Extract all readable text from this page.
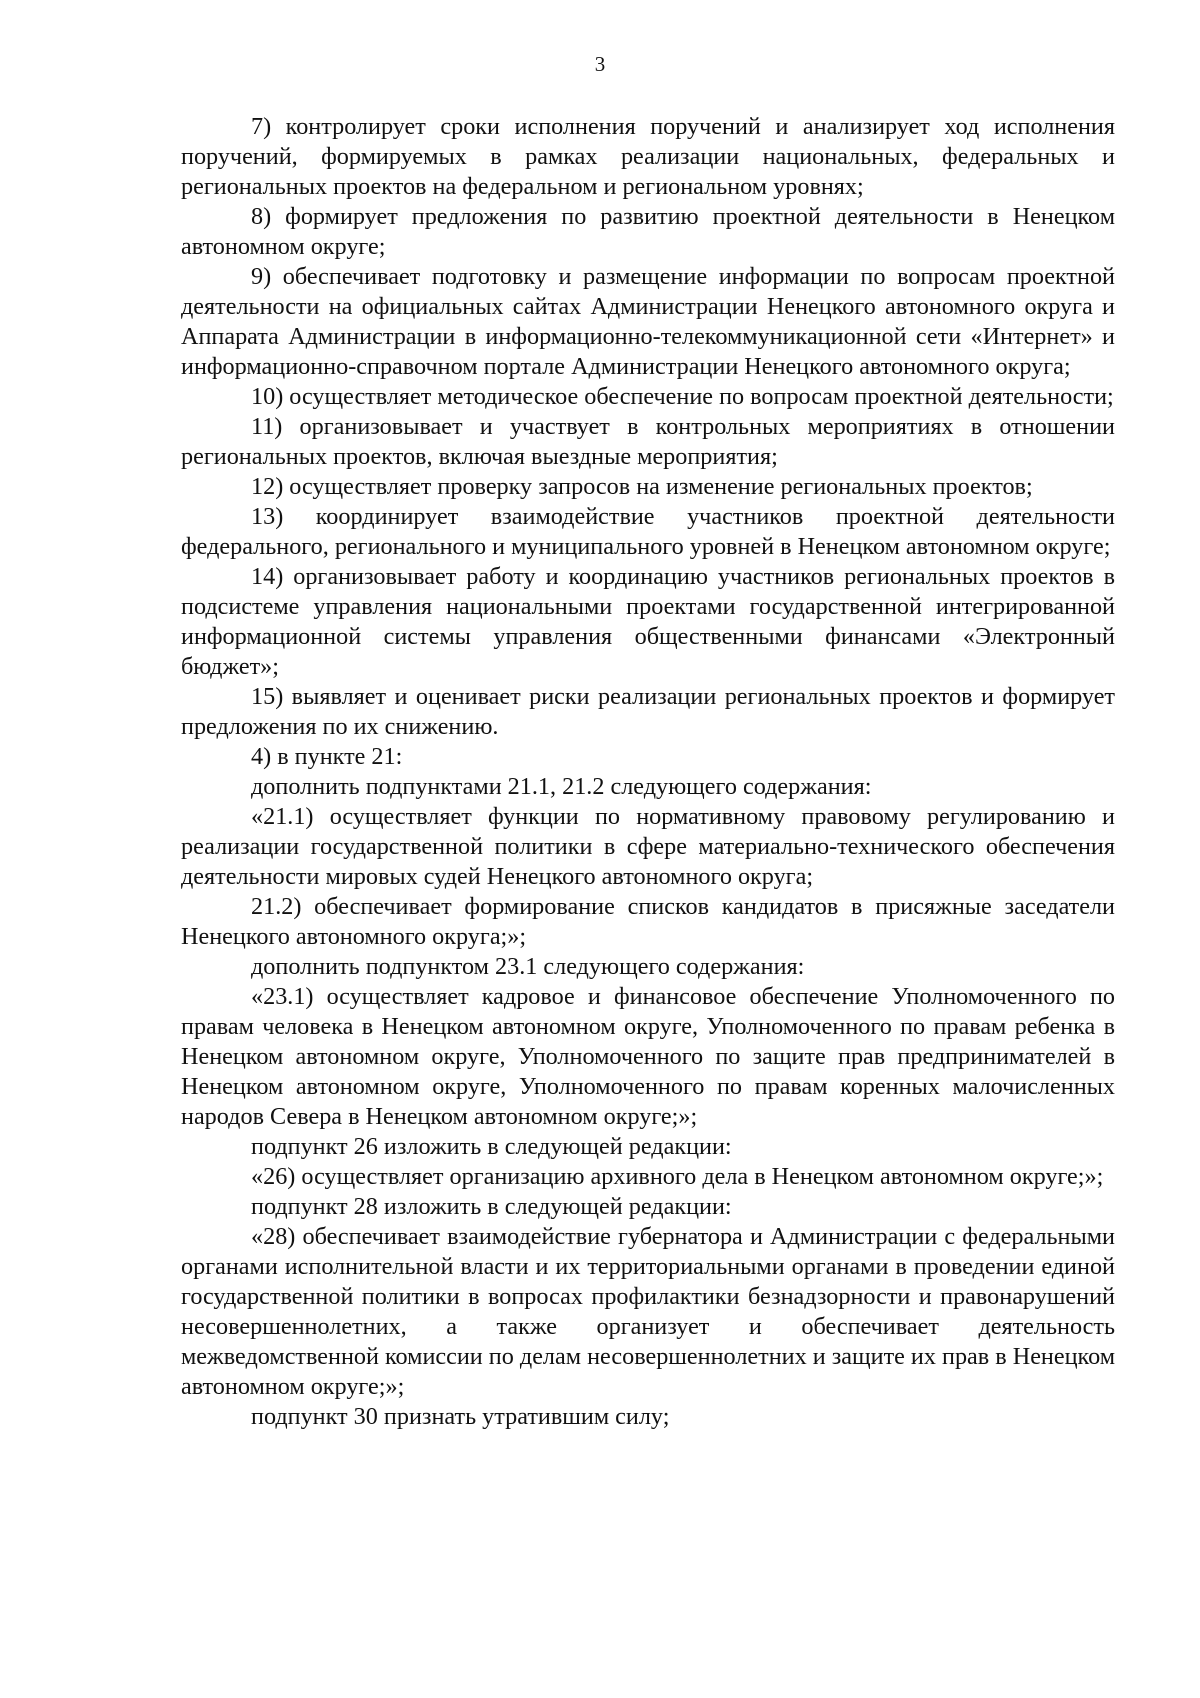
3

7) контролирует сроки исполнения поручений и анализирует ход исполнения поручений, формируемых в рамках реализации национальных, федеральных и региональных проектов на федеральном и региональном уровнях;

8) формирует предложения по развитию проектной деятельности в Ненецком автономном округе;

9) обеспечивает подготовку и размещение информации по вопросам проектной деятельности на официальных сайтах Администрации Ненецкого автономного округа и Аппарата Администрации в информационно-телекоммуникационной сети «Интернет» и информационно-справочном портале Администрации Ненецкого автономного округа;

10) осуществляет методическое обеспечение по вопросам проектной деятельности;

11) организовывает и участвует в контрольных мероприятиях в отношении региональных проектов, включая выездные мероприятия;

12) осуществляет проверку запросов на изменение региональных проектов;

13) координирует взаимодействие участников проектной деятельности федерального, регионального и муниципального уровней в Ненецком автономном округе;

14) организовывает работу и координацию участников региональных проектов в подсистеме управления национальными проектами государственной интегрированной информационной системы управления общественными финансами «Электронный бюджет»;

15) выявляет и оценивает риски реализации региональных проектов и формирует предложения по их снижению.

4) в пункте 21:

дополнить подпунктами 21.1, 21.2 следующего содержания:

«21.1) осуществляет функции по нормативному правовому регулированию и реализации государственной политики в сфере материально-технического обеспечения деятельности мировых судей Ненецкого автономного округа;

21.2) обеспечивает формирование списков кандидатов в присяжные заседатели Ненецкого автономного округа;»;

дополнить подпунктом 23.1 следующего содержания:

«23.1) осуществляет кадровое и финансовое обеспечение Уполномоченного по правам человека в Ненецком автономном округе, Уполномоченного по правам ребенка в Ненецком автономном округе, Уполномоченного по защите прав предпринимателей в Ненецком автономном округе, Уполномоченного по правам коренных малочисленных народов Севера в Ненецком автономном округе;»;

подпункт 26 изложить в следующей редакции:

«26) осуществляет организацию архивного дела в Ненецком автономном округе;»;

подпункт 28 изложить в следующей редакции:

«28) обеспечивает взаимодействие губернатора и Администрации с федеральными органами исполнительной власти и их территориальными органами в проведении единой государственной политики в вопросах профилактики безнадзорности и правонарушений несовершеннолетних, а также организует и обеспечивает деятельность межведомственной комиссии по делам несовершеннолетних и защите их прав в Ненецком автономном округе;»;

подпункт 30 признать утратившим силу;
